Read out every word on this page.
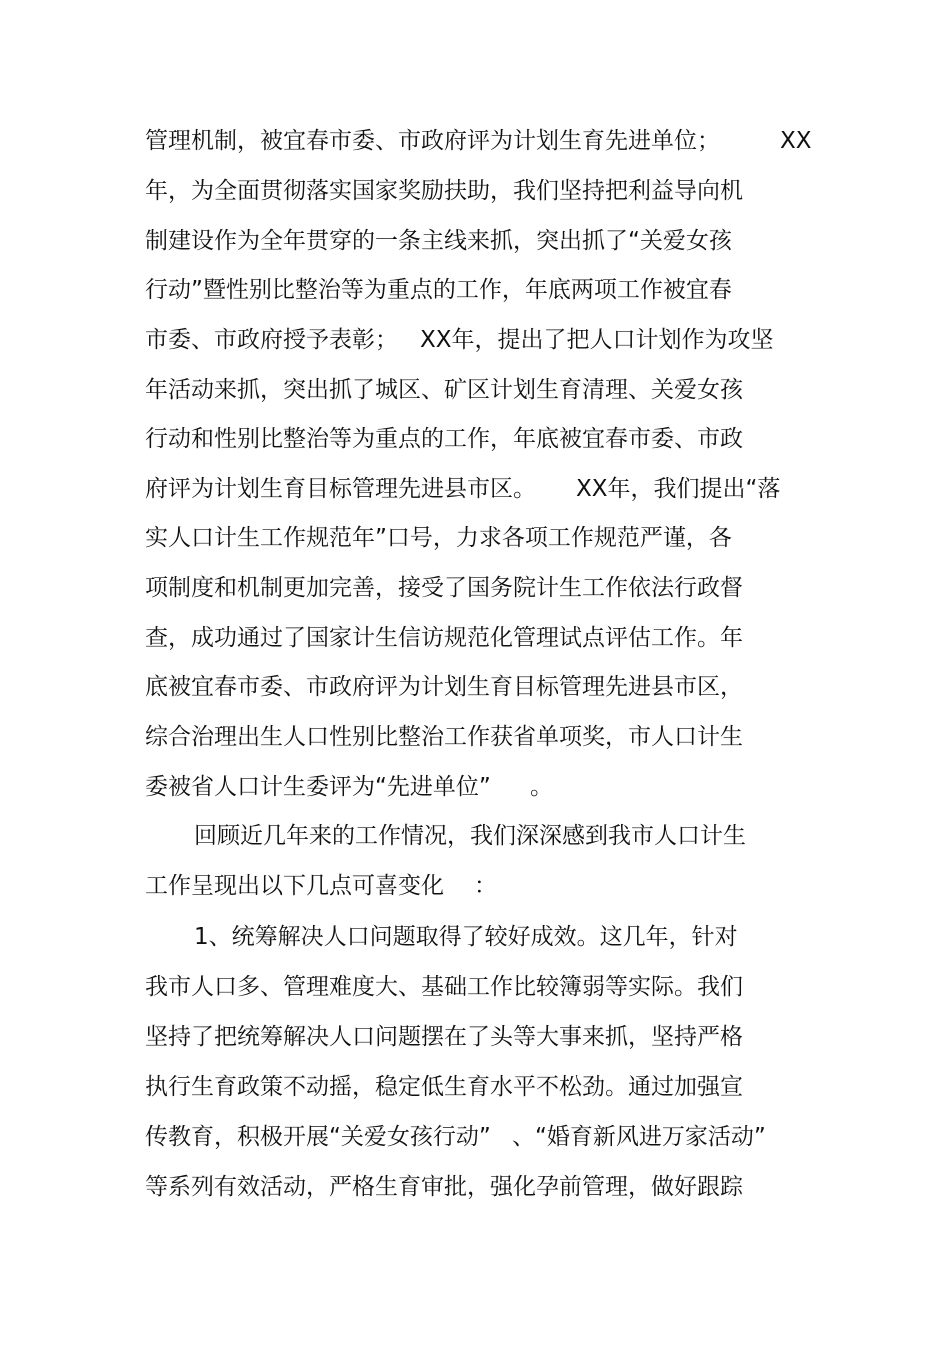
管理机制，被宜春市委、市政府评为计划生育先进单位；

	XX

年，为全面贯彻落实国家奖励扶助，我们坚持把利益导向机

制建设作为全年贯穿的一条主线来抓，突出抓了“关爱女孩

行动”暨性别比整治等为重点的工作，年底两项工作被宜春

市委、市政府授予表彰；

XX年，提出了把人口计划作为攻坚

年活动来抓，突出抓了城区、矿区计划生育清理、关爱女孩

行动和性别比整治等为重点的工作，年底被宜春市委、市政

府评为计划生育目标管理先进县市区。

XX年，我们提出“落

实人口计生工作规范年”口号，力求各项工作规范严谨，各

项制度和机制更加完善，接受了国务院计生工作依法行政督

查，成功通过了国家计生信访规范化管理试点评估工作。年

底被宜春市委、市政府评为计划生育目标管理先进县市区，

综合治理出生人口性别比整治工作获省单项奖，市人口计生

委被省人口计生委评为“先进单位”

。

回顾近几年来的工作情况，我们深深感到我市人口计生

工作呈现出以下几点可喜变化

：

1、统筹解决人口问题取得了较好成效。这几年，针对

我市人口多、管理难度大、基础工作比较簿弱等实际。我们

坚持了把统筹解决人口问题摆在了头等大事来抓，坚持严格

执行生育政策不动摇，稳定低生育水平不松劲。通过加强宣

传教育，积极开展“关爱女孩行动”

、“婚育新风进万家活动”

等系列有效活动，严格生育审批，强化孕前管理，做好跟踪
